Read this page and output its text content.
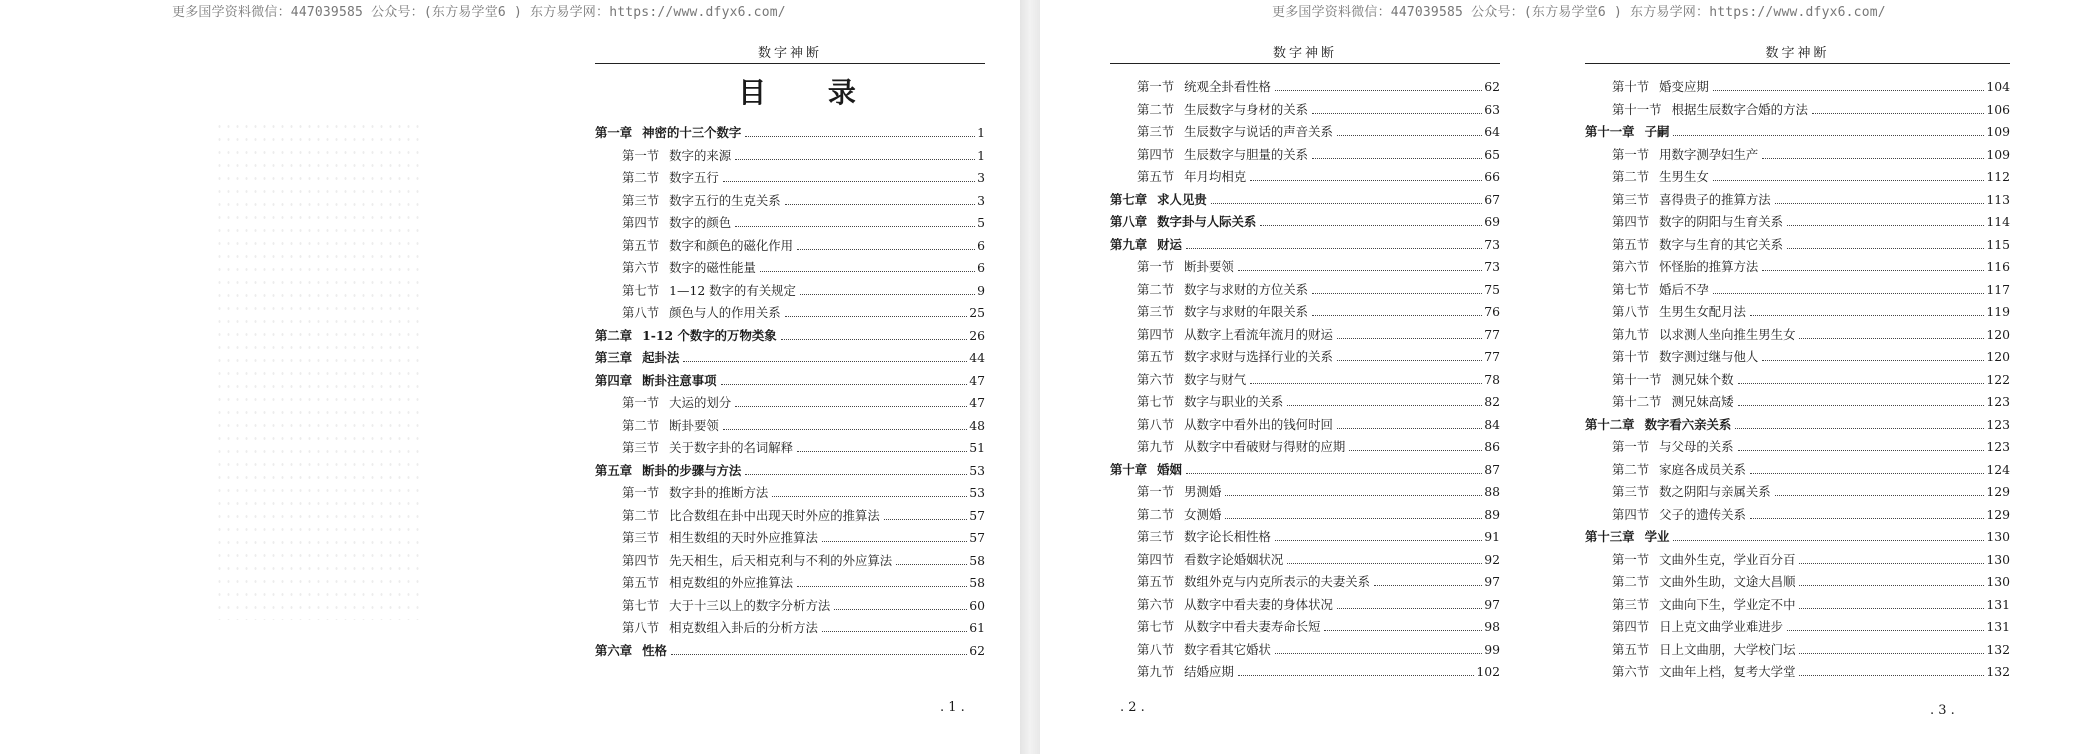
更多国学资料微信：447039585 公众号：(东方易学堂6 ) 东方易学网：https://www.dfyx6.com/
数字神断
目 录
第一章 神密的十三个数字	1
第一节 数字的来源	1
第二节 数字五行	3
第三节 数字五行的生克关系	3
第四节 数字的颜色	5
第五节 数字和颜色的磁化作用	6
第六节 数字的磁性能量	6
第七节 1—12 数字的有关规定	9
第八节 颜色与人的作用关系	25
第二章 1-12 个数字的万物类象	26
第三章 起卦法	44
第四章 断卦注意事项	47
第一节 大运的划分	47
第二节 断卦要领	48
第三节 关于数字卦的名词解释	51
第五章 断卦的步骤与方法	53
第一节 数字卦的推断方法	53
第二节 比合数组在卦中出现天时外应的推算法	57
第三节 相生数组的天时外应推算法	57
第四节 先天相生，后天相克利与不利的外应算法	58
第五节 相克数组的外应推算法	58
第七节 大于十三以上的数字分析方法	60
第八节 相克数组入卦后的分析方法	61
第六章 性格	62
. 1 .
更多国学资料微信：447039585 公众号：(东方易学堂6 ) 东方易学网：https://www.dfyx6.com/
数字神断
第一节 统观全卦看性格	62
第二节 生辰数字与身材的关系	63
第三节 生辰数字与说话的声音关系	64
第四节 生辰数字与胆量的关系	65
第五节 年月均相克	66
第七章 求人见贵	67
第八章 数字卦与人际关系	69
第九章 财运	73
第一节 断卦要领	73
第二节 数字与求财的方位关系	75
第三节 数字与求财的年限关系	76
第四节 从数字上看流年流月的财运	77
第五节 数字求财与选择行业的关系	77
第六节 数字与财气	78
第七节 数字与职业的关系	82
第八节 从数字中看外出的钱何时回	84
第九节 从数字中看破财与得财的应期	86
第十章 婚姻	87
第一节 男测婚	88
第二节 女测婚	89
第三节 数字论长相性格	91
第四节 看数字论婚姻状况	92
第五节 数组外克与内克所表示的夫妻关系	97
第六节 从数字中看夫妻的身体状况	97
第七节 从数字中看夫妻寿命长短	98
第八节 数字看其它婚状	99
第九节 结婚应期	102
. 2 .
数字神断
第十节 婚变应期	104
第十一节 根据生辰数字合婚的方法	106
第十一章 子嗣	109
第一节 用数字测孕妇生产	109
第二节 生男生女	112
第三节 喜得贵子的推算方法	113
第四节 数字的阴阳与生育关系	114
第五节 数字与生育的其它关系	115
第六节 怀怪胎的推算方法	116
第七节 婚后不孕	117
第八节 生男生女配月法	119
第九节 以求测人坐向推生男生女	120
第十节 数字测过继与他人	120
第十一节 测兄妹个数	122
第十二节 测兄妹高矮	123
第十二章 数字看六亲关系	123
第一节 与父母的关系	123
第二节 家庭各成员关系	124
第三节 数之阴阳与亲属关系	129
第四节 父子的遗传关系	129
第十三章 学业	130
第一节 文曲外生克，学业百分百	130
第二节 文曲外生助，文途大昌顺	130
第三节 文曲向下生，学业定不中	131
第四节 日上克文曲学业难进步	131
第五节 日上文曲朋，大学校门坛	132
第六节 文曲年上档，复考大学堂	132
. 3 .
